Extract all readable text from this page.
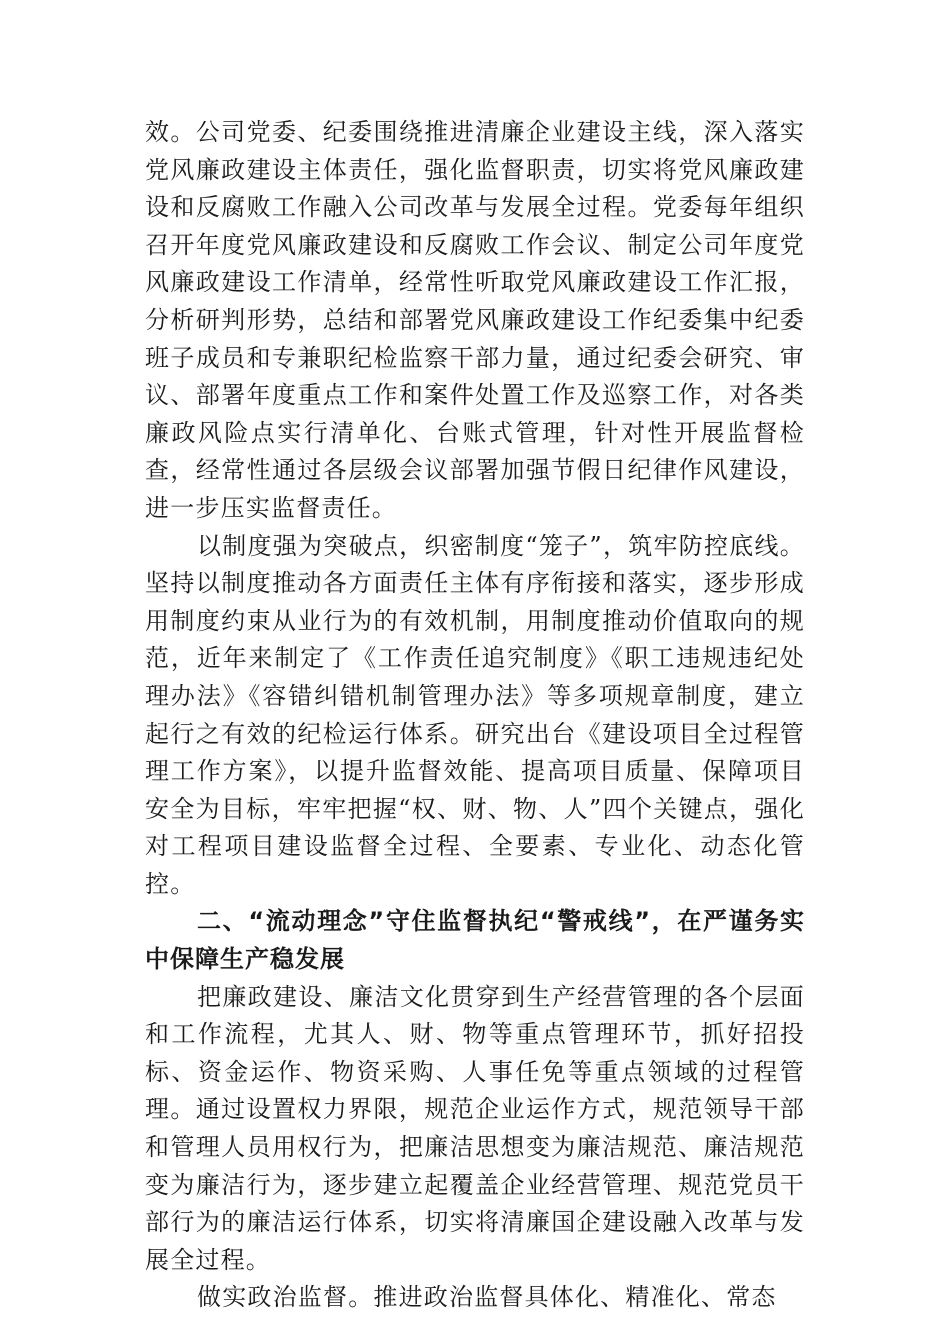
效。公司党委、纪委围绕推进清廉企业建设主线，深入落实党风廉政建设主体责任，强化监督职责，切实将党风廉政建设和反腐败工作融入公司改革与发展全过程。党委每年组织召开年度党风廉政建设和反腐败工作会议、制定公司年度党风廉政建设工作清单，经常性听取党风廉政建设工作汇报，分析研判形势，总结和部署党风廉政建设工作纪委集中纪委班子成员和专兼职纪检监察干部力量，通过纪委会研究、审议、部署年度重点工作和案件处置工作及巡察工作，对各类廉政风险点实行清单化、台账式管理，针对性开展监督检查，经常性通过各层级会议部署加强节假日纪律作风建设，进一步压实监督责任。

以制度强为突破点，织密制度“笼子”，筑牢防控底线。坚持以制度推动各方面责任主体有序衔接和落实，逐步形成用制度约束从业行为的有效机制，用制度推动价值取向的规范，近年来制定了《工作责任追究制度》《职工违规违纪处理办法》《容错纠错机制管理办法》等多项规章制度，建立起行之有效的纪检运行体系。研究出台《建设项目全过程管理工作方案》，以提升监督效能、提高项目质量、保障项目安全为目标，牢牢把握“权、财、物、人”四个关键点，强化对工程项目建设监督全过程、全要素、专业化、动态化管控。

二、“流动理念”守住监督执纪“警戒线”，在严谨务实中保障生产稳发展

把廉政建设、廉洁文化贯穿到生产经营管理的各个层面和工作流程，尤其人、财、物等重点管理环节，抓好招投标、资金运作、物资采购、人事任免等重点领域的过程管理。通过设置权力界限，规范企业运作方式，规范领导干部和管理人员用权行为，把廉洁思想变为廉洁规范、廉洁规范变为廉洁行为，逐步建立起覆盖企业经营管理、规范党员干部行为的廉洁运行体系，切实将清廉国企建设融入改革与发展全过程。

做实政治监督。推进政治监督具体化、精准化、常态
